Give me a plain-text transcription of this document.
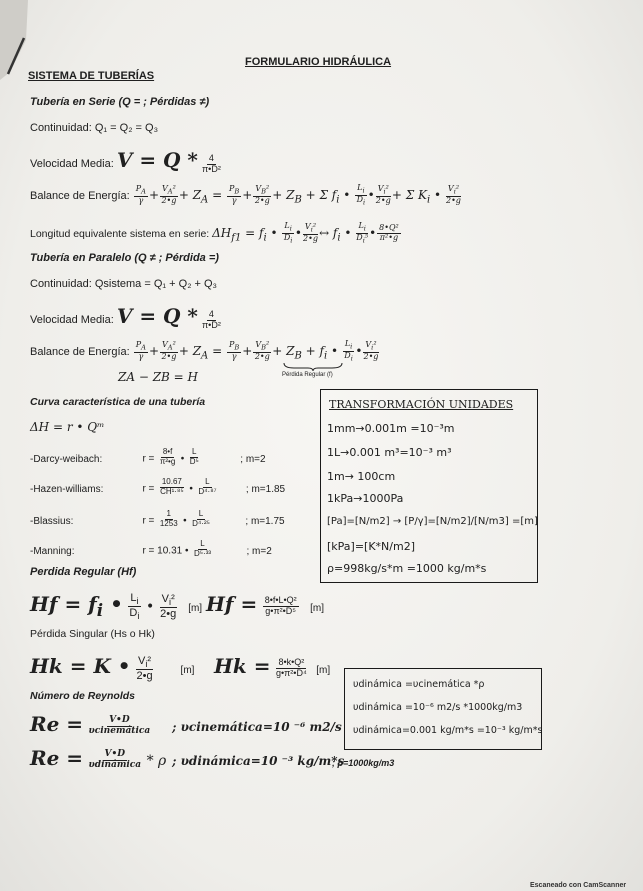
FORMULARIO HIDRÁULICA
SISTEMA DE TUBERÍAS
Tubería en Serie (Q = ; Pérdidas ≠)
Continuidad: Q₁ = Q₂ = Q₃
Velocidad Media: $V = Q * \frac{4}{\text{π•D²}}$
Balance de Energía: $\frac{P_A}{\gamma} + \frac{V_A^2}{2•g} + Z_A = \frac{P_B}{\gamma} + \frac{V_B^2}{2•g} + Z_B + \Sigma$ $f_i$ • $\frac{L_i}{D_i}$ • $\frac{V_i^2}{2•g} + \Sigma$ $K_i$ • $\frac{V_i^2}{2•g}$
Longitud equivalente sistema en serie: $\Delta H_{f1} = f_i$ • $\frac{L_i}{D_i}$ • $\frac{V_i^2}{2•g}$ ↔ $f_i$ • $\frac{L_i}{D_i^5}$ • $\frac{\text{8•Q²}}{\text{π²•g}}$
Tubería en Paralelo (Q ≠ ; Pérdida =)
Continuidad: Qsistema = Q₁ + Q₂ + Q₃
Velocidad Media: $V = Q * \frac{4}{\text{π•D²}}$
Balance de Energía: $\frac{P_A}{\gamma} + \frac{V_A^2}{2•g} + Z_A = \frac{P_B}{\gamma} + \frac{V_B^2}{2•g} + Z_B + f_i$ • $\frac{L_i}{D_i}$ • $\frac{V_i^2}{2•g}$
Pérdida Regular (f)
ZA − ZB = H
Curva característica de una tubería
ΔH = r • Qᵐ
-Darcy-weibach:	$r = \frac{8•f}{\text{π²•g}}$ • $\frac{L}{\text{D⁵}}$	; m=2
-Hazen-williams:	$r = \frac{10.67}{\text{CH¹·⁸⁵}}$ • $\frac{L}{\text{D⁴·⁸⁷}}$	; m=1.85
-Blassius:	$r = \frac{1}{1253}$ • $\frac{L}{\text{D⁴·²⁵}}$	; m=1.75
-Manning:	r = 10.31 • $\frac{L}{\text{D⁵·³³}}$	; m=2
TRANSFORMACIÓN UNIDADES
1mm→0.001m =10⁻³m
1L→0.001 m³=10⁻³ m³
1m→ 100cm
1kPa→1000Pa
[Pa]=[N/m2] → [P/γ]=[N/m2]/[N/m3] =[m]
[kPa]=[K*N/m2]
ρ=998kg/s*m =1000 kg/m*s
Perdida Regular (Hf)
$Hf = f_i$ • $\frac{L_i}{D_i}$ • $\frac{V_i^2}{2•g} [m] Hf = \frac{\text{8•f•L•Q²}}{\text{g•π²•D⁵}} [m]$
Pérdida Singular (Hs o Hk)
Hk = K • $\frac{V_i^2}{2•g}$	[m] $Hk = \frac{\text{8•k•Q²}}{\text{g•π²•D⁴}} [m]$
υdinámica =υcinemática *ρ
υdinámica =10⁻⁶ m2/s *1000kg/m3
υdinámica=0.001 kg/m*s =10⁻³ kg/m*s
Número de Reynolds
$Re = \frac{V•D}{\text{υcinemática}}$ ; υcinemática=10 ⁻⁶ m2/s
$Re = \frac{V•D}{\text{υdinámica}} * \rho$ ; υdinámica=10 ⁻³ kg/m*s
; ρ=1000kg/m3
Escaneado con CamScanner
